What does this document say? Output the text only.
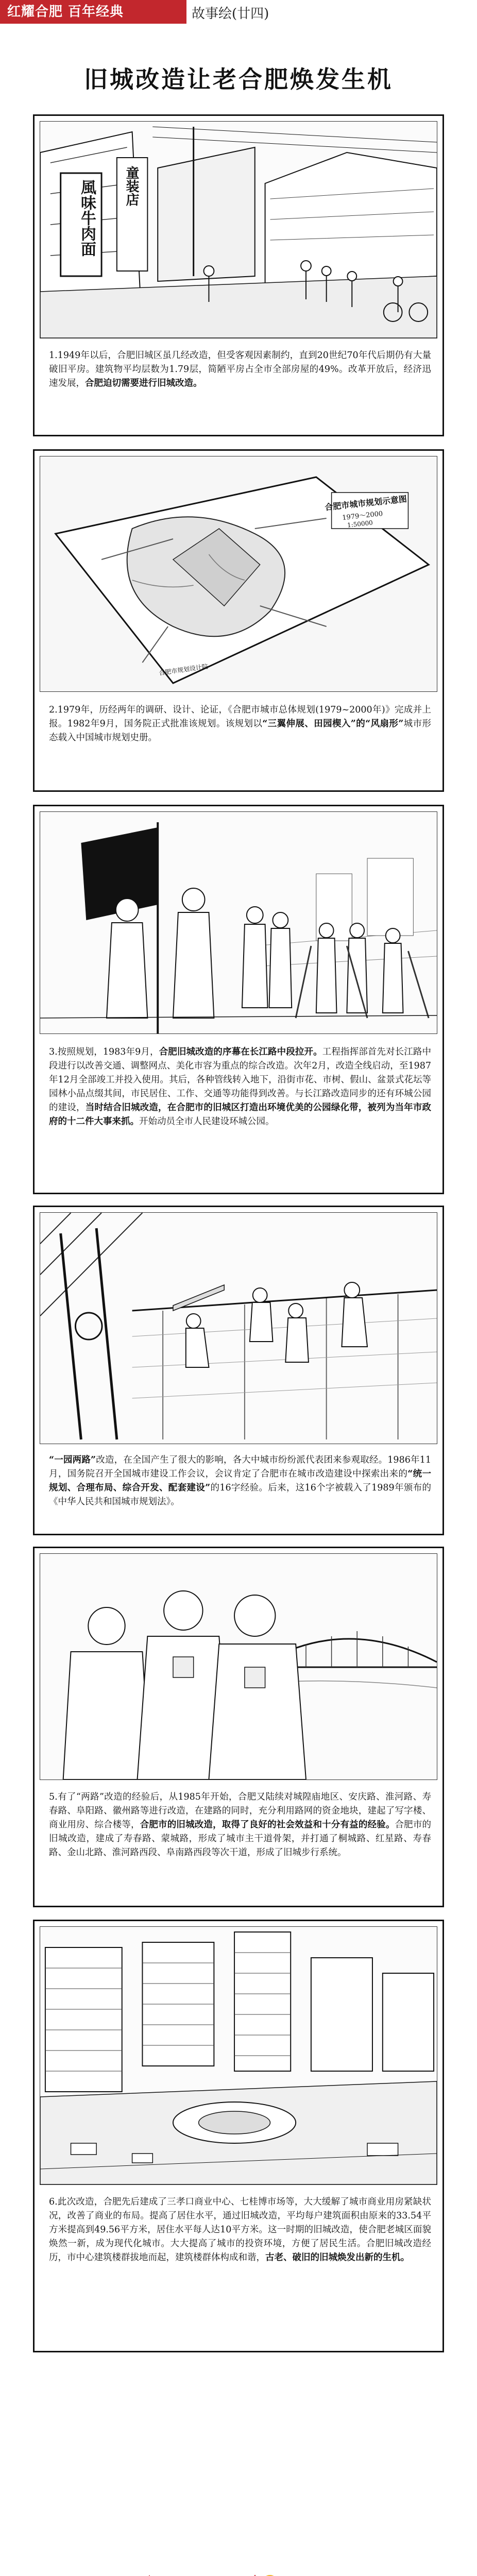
红耀合肥 百年经典	故事绘(廿四)
旧城改造让老合肥焕发生机
童装店
風味牛肉面
1.1949年以后，合肥旧城区虽几经改造，但受客观因素制约，直到20世纪70年代后期仍有大量破旧平房。建筑物平均层数为1.79层，简陋平房占全市全部房屋的49%。改革开放后，经济迅速发展，合肥迫切需要进行旧城改造。
合肥市城市规划示意图
1979～2000
1:50000
合肥市规划设计院
2.1979年，历经两年的调研、设计、论证，《合肥市城市总体规划(1979~2000年)》完成并上报。1982年9月，国务院正式批准该规划。该规划以“三翼伸展、田园楔入”的“风扇形”城市形态载入中国城市规划史册。
3.按照规划，1983年9月，合肥旧城改造的序幕在长江路中段拉开。工程指挥部首先对长江路中段进行以改善交通、调整网点、美化市容为重点的综合改造。次年2月，改造全线启动，至1987年12月全部竣工并投入使用。其后，各种管线转入地下，沿街市花、市树、假山、盆景式花坛等园林小品点缀其间，市民居住、工作、交通等功能得到改善。与长江路改造同步的还有环城公园的建设，当时结合旧城改造，在合肥市的旧城区打造出环境优美的公园绿化带，被列为当年市政府的十二件大事来抓。开始动员全市人民建设环城公园。
“一园两路”改造，在全国产生了很大的影响，各大中城市纷纷派代表团来参观取经。1986年11月，国务院召开全国城市建设工作会议，会议肯定了合肥市在城市改造建设中探索出来的“统一规划、合理布局、综合开发、配套建设”的16字经验。后来，这16个字被载入了1989年颁布的《中华人民共和国城市规划法》。
5.有了“两路”改造的经验后，从1985年开始，合肥又陆续对城隍庙地区、安庆路、淮河路、寿春路、阜阳路、徽州路等进行改造，在建路的同时，充分利用路网的资金地块，建起了写字楼、商业用房、综合楼等，合肥市的旧城改造，取得了良好的社会效益和十分有益的经验。合肥市的旧城改造，建成了寿春路、蒙城路，形成了城市主干道骨架，并打通了桐城路、红星路、寿春路、金山北路、淮河路西段、阜南路西段等次干道，形成了旧城步行系统。
6.此次改造，合肥先后建成了三孝口商业中心、七桂博市场等，大大缓解了城市商业用房紧缺状况，改善了商业的布局。提高了居住水平，通过旧城改造，平均每户建筑面积由原来的33.54平方米提高到49.56平方米，居住水平每人达10平方米。这一时期的旧城改造，使合肥老城区面貌焕然一新，成为现代化城市。大大提高了城市的投资环境，方便了居民生活。合肥旧城改造经历，市中心建筑楼群拔地而起，建筑楼群体构成和谐，古老、破旧的旧城焕发出新的生机。
